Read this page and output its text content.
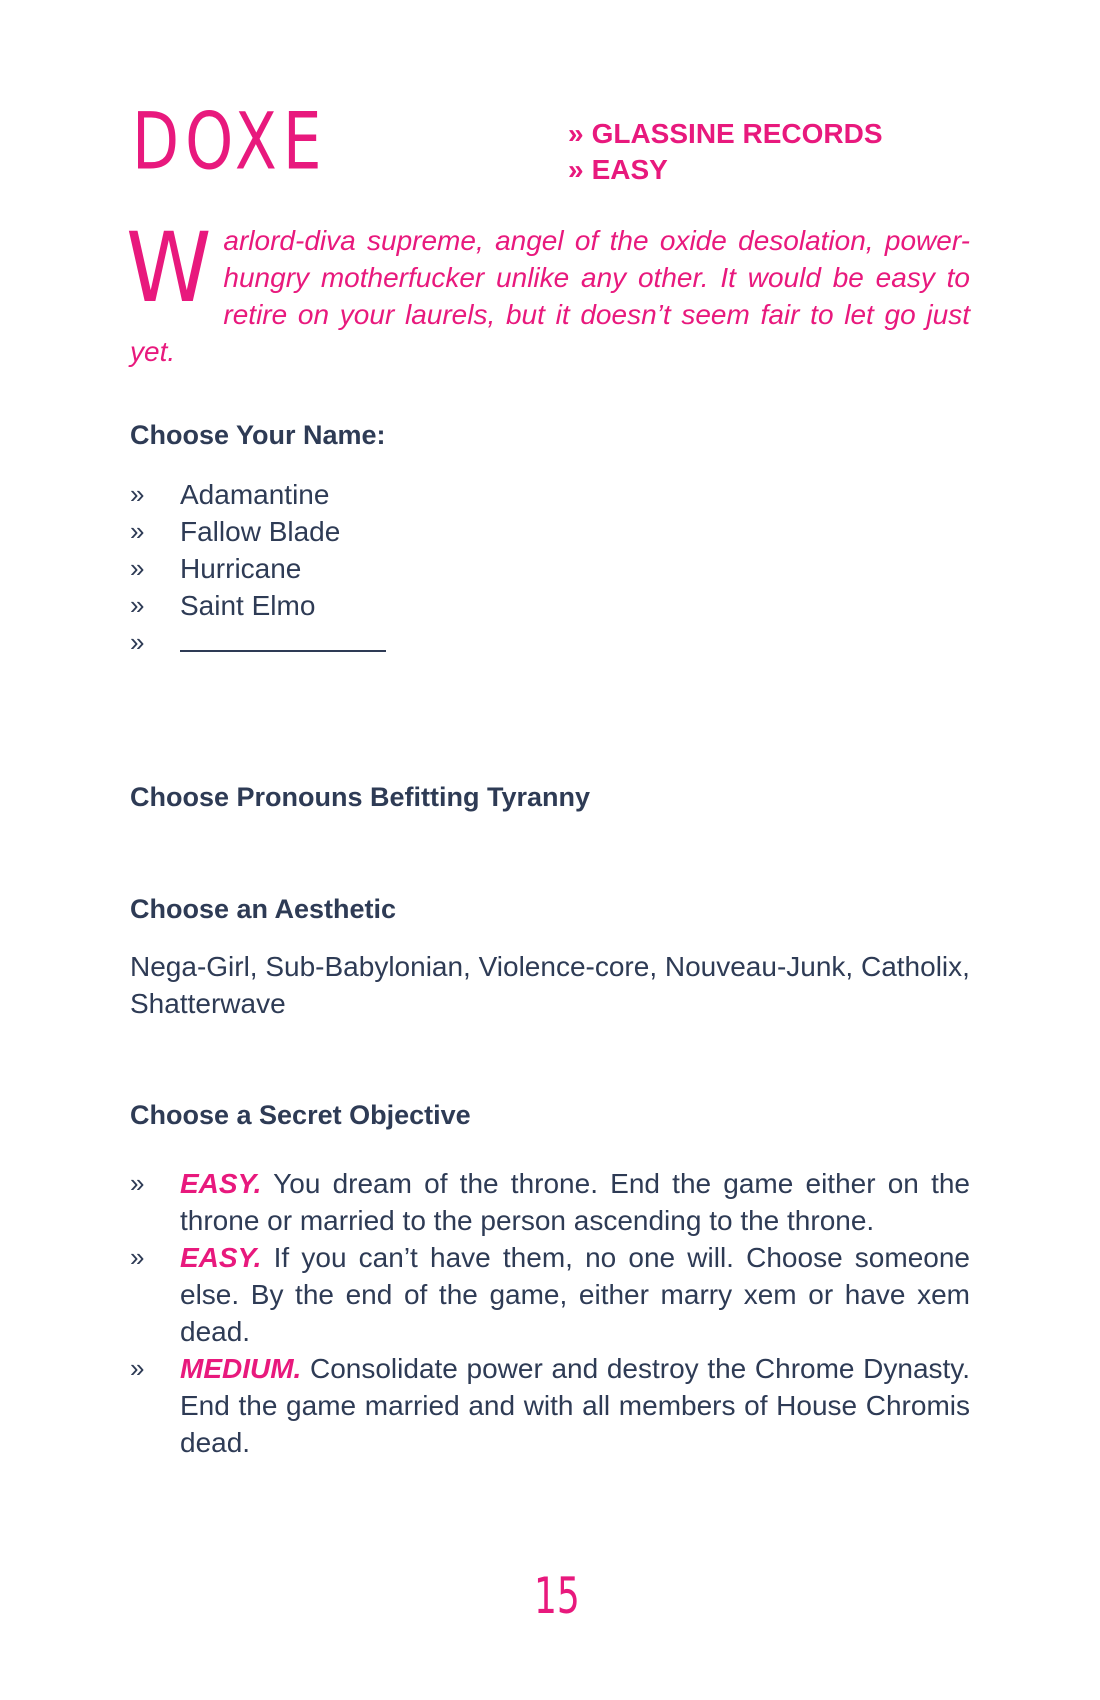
DOXE	» GLASSINE RECORDS
» EASY
Warlord-diva supreme, angel of the oxide desolation, power-hungry motherfucker unlike any other. It would be easy to retire on your laurels, but it doesn’t seem fair to let go just yet.
Choose Your Name:
» Adamantine
» Fallow Blade
» Hurricane
» Saint Elmo
»
Choose Pronouns Befitting Tyranny
Choose an Aesthetic
Nega-Girl, Sub-Babylonian, Violence-core, Nouveau-Junk, Catholix, Shatterwave
Choose a Secret Objective
» EASY. You dream of the throne. End the game either on the throne or married to the person ascending to the throne.
» EASY. If you can’t have them, no one will. Choose someone else. By the end of the game, either marry xem or have xem dead.
» MEDIUM. Consolidate power and destroy the Chrome Dynasty. End the game married and with all members of House Chromis dead.
15
